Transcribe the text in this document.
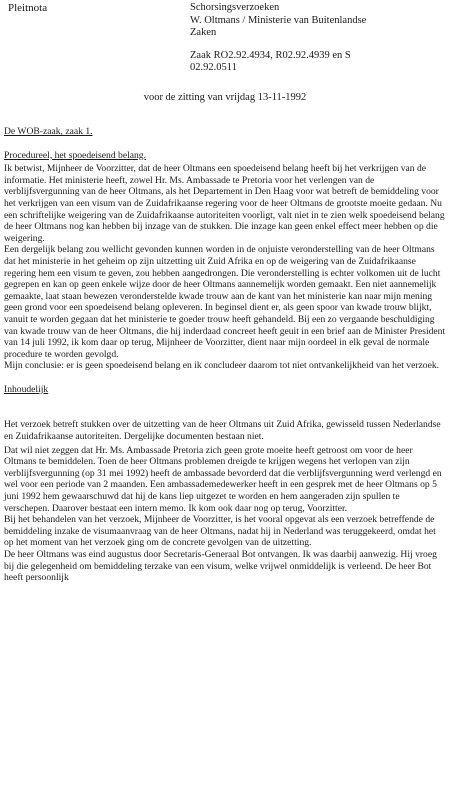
Pleitnota	Schorsingsverzoeken
W. Oltmans / Ministerie van Buitenlandse
Zaken
Zaak RO2.92.4934, R02.92.4939 en S
02.92.0511
voor de zitting van vrijdag 13-11-1992
De WOB-zaak, zaak 1.
Procedureel, het spoedeisend belang.

Ik betwist, Mijnheer de Voorzitter, dat de heer Oltmans een spoedeisend belang heeft bij het verkrijgen van de informatie. Het ministerie heeft, zowel Hr. Ms. Ambassade te Pretoria voor het verlengen van de verblijfsvergunning van de heer Oltmans, als het Departement in Den Haag voor wat betreft de bemiddeling voor het verkrijgen van een visum van de Zuidafrikaanse regering voor de heer Oltmans de grootste moeite gedaan. Nu een schriftelijke weigering van de Zuidafrikaanse autoriteiten voorligt, valt niet in te zien welk spoedeisend belang de heer Oltmans nog kan hebben bij inzage van de stukken. Die inzage kan geen enkel effect meer hebben op die weigering.

Een dergelijk belang zou wellicht gevonden kunnen worden in de onjuiste veronderstelling van de heer Oltmans dat het ministerie in het geheim op zijn uitzetting uit Zuid Afrika en op de weigering van de Zuidafrikaanse regering hem een visum te geven, zou hebben aangedrongen. Die veronderstelling is echter volkomen uit de lucht gegrepen en kan op geen enkele wijze door de heer Oltmans aannemelijk worden gemaakt. Een niet aannemelijk gemaakte, laat staan bewezen veronderstelde kwade trouw aan de kant van het ministerie kan naar mijn mening geen grond voor een spoedeisend belang opleveren. In beginsel dient er, als geen spoor van kwade trouw blijkt, vanuit te worden gegaan dat het ministerie te goeder trouw heeft gehandeld. Bij een zo vergaande beschuldiging van kwade trouw van de heer Oltmans, die hij inderdaad concreet heeft geuit in een brief aan de Minister President van 14 juli 1992, ik kom daar op terug, Mijnheer de Voorzitter, dient naar mijn oordeel in elk geval de normale procedure te worden gevolgd.

Mijn conclusie: er is geen spoedeisend belang en ik concludeer daarom tot niet ontvankelijkheid van het verzoek.

Inhoudelijk

Het verzoek betreft stukken over de uitzetting van de heer Oltmans uit Zuid Afrika, gewisseld tussen Nederlandse en Zuidafrikaanse autoriteiten. Dergelijke documenten bestaan niet.

Dat wil niet zeggen dat Hr. Ms. Ambassade Pretoria zich geen grote moeite heeft getroost om voor de heer Oltmans te bemiddelen. Toen de heer Oltmans problemen dreigde te krijgen wegens het verlopen van zijn verblijfsvergunning (op 31 mei 1992) heeft de ambassade bevorderd dat die verblijfsvergunning werd verlengd en wel voor een periode van 2 maanden. Een ambassademedewerker heeft in een gesprek met de heer Oltmans op 5 juni 1992 hem gewaarschuwd dat hij de kans liep uitgezet te worden en hem aangeraden zijn spullen te verschepen. Daarover bestaat een intern memo. Ik kom ook daar nog op terug, Voorzitter.

Bij het behandelen van het verzoek, Mijnheer de Voorzitter, is het vooral opgevat als een verzoek betreffende de bemiddeling inzake de visumaanvraag van de heer Oltmans, nadat hij in Nederland was teruggekeerd, omdat het op het moment van het verzoek ging om de concrete gevolgen van de uitzetting.

De heer Oltmans was eind augustus door Secretaris-Generaal Bot ontvangen. Ik was daarbij aanwezig. Hij vroeg bij die gelegenheid om bemiddeling terzake van een visum, welke vrijwel onmiddelijk is verleend. De heer Bot heeft persoonlijk
